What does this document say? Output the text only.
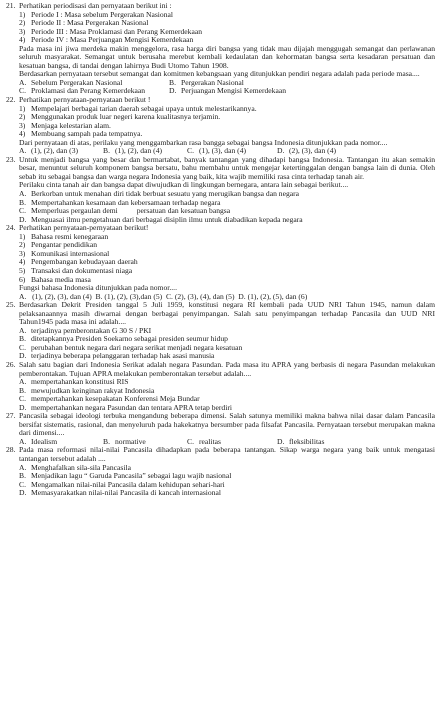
21. Perhatikan periodisasi dan pernyataan berikut ini :
1) Periode I : Masa sebelum Pergerakan Nasional
2) Periode II : Masa Pergerakan Nasional
3) Periode III : Masa Proklamasi dan Perang Kemerdekaan
4) Periode IV : Masa Perjuangan Mengisi Kemerdekaan
Pada masa ini jiwa merdeka makin menggelora, rasa harga diri bangsa yang tidak mau dijajah menggugah semangat dan perlawanan seluruh masyarakat. Semangat untuk berusaha merebut kembali kedaulatan dan kehormatan bangsa serta kesadaran persatuan dan kesatuan bangsa, di tandai dengan lahirnya Budi Utomo Tahun 1908.
Berdasarkan pernyataan tersebut semangat dan komitmen kebangsaan yang ditunjukkan pendiri negara adalah pada periode masa....
A. Sebelum Pergerakan Nasional	B. Pergerakan Nasional
C. Proklamasi dan Perang Kemerdekaan	D. Perjuangan Mengisi Kemerdekaan
22. Perhatikan pernyataan-pernyataan berikut !
1) Mempelajari berbagai tarian daerah sebagai upaya untuk melestarikannya.
2) Menggunakan produk luar negeri karena kualitasnya terjamin.
3) Menjaga kelestarian alam.
4) Membuang sampah pada tempatnya.
Dari pernyataan di atas, perilaku yang menggambarkan rasa bangga sebagai bangsa Indonesia ditunjukkan pada nomor....
A. (1), (2), dan (3)	B. (1), (2), dan (4)	C. (1), (3), dan (4)	D. (2), (3), dan (4)
23. Untuk menjadi bangsa yang besar dan bermartabat, banyak tantangan yang dihadapi bangsa Indonesia. Tantangan itu akan semakin besar, menuntut seluruh komponem bangsa bersatu, bahu membahu untuk mengejar ketertinggalan dengan bangsa lain di dunia. Oleh sebab itu sebagai bangsa dan warga negara Indonesia yang baik, kita wajib memiliki rasa cinta terhadap tanah air.
Perilaku cinta tanah air dan bangsa dapat diwujudkan di lingkungan bernegara, antara lain sebagai berikut....
A. Berkorban untuk menahan diri tidak berbuat sesuatu yang merugikan bangsa dan negara
B. Mempertahankan kesamaan dan kebersamaan terhadap negara
C. Memperluas pergaulan demi          persatuan dan kesatuan bangsa
D. Menguasai ilmu pengetahuan dari berbagai disiplin ilmu untuk diabadikan kepada negara
24. Perhatikan pernyataan-pernyataan berikut!
1) Bahasa resmi kenegaraan
2) Pengantar pendidikan
3) Komunikasi internasional
4) Pengembangan kebudayaan daerah
5) Transaksi dan dokumentasi niaga
6) Bahasa media masa
Fungsi bahasa Indonesia ditunjukkan pada nomor....
A.   (1), (2), (3), dan (4)  B. (1), (2), (3),dan (5)  C. (2), (3), (4), dan (5)  D. (1), (2), (5), dan (6)
25. Berdasarkan Dekrit Presiden tanggal 5 Juli 1959, konstitusi negara RI kembali pada UUD NRI Tahun 1945, namun dalam pelaksanaannya masih diwarnai dengan berbagai penyimpangan. Salah satu penyimpangan terhadap Pancasila dan UUD NRI Tahun1945 pada masa ini adalah....
A. terjadinya pemberontakan G 30 S / PKI
B. ditetapkannya Presiden Soekarno sebagai presiden seumur hidup
C. perubahan bentuk negara dari negara serikat menjadi negara kesatuan
D. terjadinya beberapa pelanggaran terhadap hak asasi manusia
26. Salah satu bagian dari Indonesia Serikat adalah negara Pasundan. Pada masa itu APRA yang berbasis di negara Pasundan melakukan pemberontakan. Tujuan APRA melakukan pemberontakan tersebut adalah....
A. mempertahankan konstitusi RIS
B. mewujudkan keinginan rakyat Indonesia
C. mempertahankan kesepakatan Konferensi Meja Bundar
D. mempertahankan negara Pasundan dan tentara APRA tetap berdiri
27. Pancasila sebagai ideologi terbuka mengandung beberapa dimensi. Salah satunya memiliki makna bahwa nilai dasar dalam Pancasila bersifat sistematis, rasional, dan menyeluruh pada hakekatnya bersumber pada filsafat Pancasila. Pernyataan tersebut merupakan makna dari dimensi....
A. Idealism	B. normative	C. realitas	D. fleksibilitas
28. Pada masa reformasi nilai-nilai Pancasila dihadapkan pada beberapa tantangan. Sikap warga negara yang baik untuk mengatasi tantangan tersebut adalah ....
A. Menghafalkan sila-sila Pancasila
B. Menjadikan lagu “ Garuda Pancasila” sebagai lagu wajib nasional
C. Mengamalkan nilai-nilai Pancasila dalam kehidupan sehari-hari
D. Memasyarakatkan nilai-nilai Pancasila di kancah internasional
